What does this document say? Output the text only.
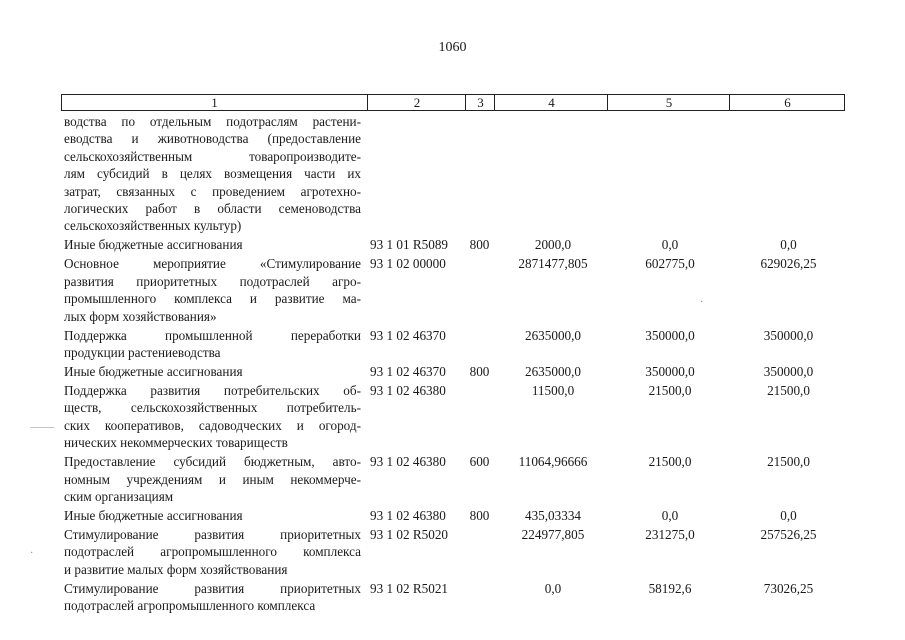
1060
1	2	3	4	5	6
водства по отдельным подотраслям растени-
еводства и животноводства (предоставление
сельскохозяйственным товаропроизводите-
лям субсидий в целях возмещения части их
затрат, связанных с проведением агротехно-
логических работ в области семеноводства
сельскохозяйственных культур)
Иные бюджетные ассигнования	93 1 01 R5089 800	2000,0	0,0	0,0
Основное мероприятие «Стимулирование
развития приоритетных подотраслей агро-
промышленного комплекса и развитие ма-
лых форм хозяйствования»
93 1 02 00000	2871477,805	602775,0	629026,25
Поддержка промышленной переработки
продукции растениеводства
93 1 02 46370	2635000,0	350000,0	350000,0
Иные бюджетные ассигнования	93 1 02 46370 800	2635000,0	350000,0	350000,0
Поддержка развития потребительских об-
ществ, сельскохозяйственных потребитель-
ских кооперативов, садоводческих и огород-
нических некоммерческих товариществ
93 1 02 46380	11500,0	21500,0	21500,0
Предоставление субсидий бюджетным, авто-
номным учреждениям и иным некоммерче-
ским организациям
93 1 02 46380 600	11064,96666	21500,0	21500,0
Иные бюджетные ассигнования	93 1 02 46380 800	435,03334	0,0	0,0
Стимулирование развития приоритетных
подотраслей агропромышленного комплекса
и развитие малых форм хозяйствования
93 1 02 R5020	224977,805	231275,0	257526,25
Стимулирование развития приоритетных
подотраслей агропромышленного комплекса
93 1 02 R5021	0,0	58192,6	73026,25
⸻
·
·
